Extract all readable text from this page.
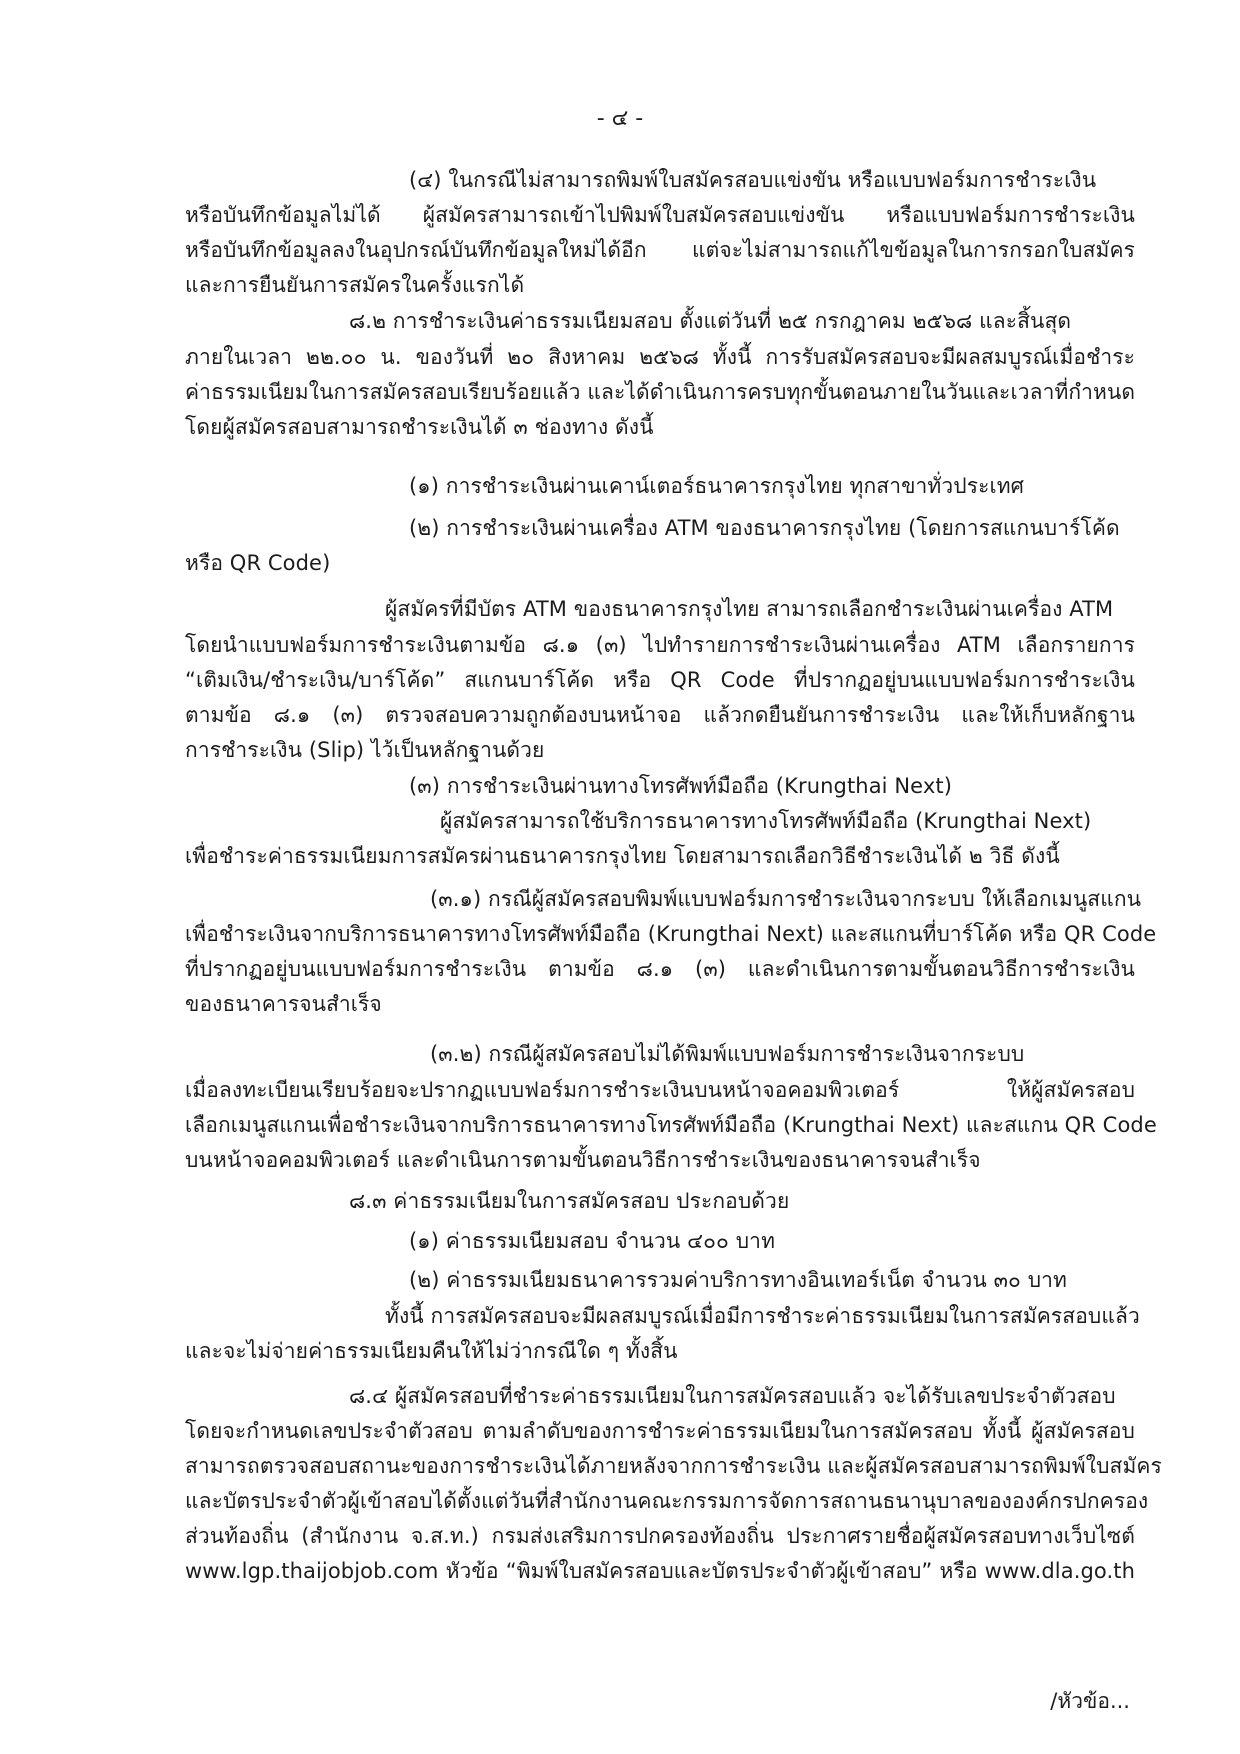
- ๔ -
(๔) ในกรณีไม่สามารถพิมพ์ใบสมัครสอบแข่งขัน หรือแบบฟอร์มการชำระเงิน
หรือบันทึกข้อมูลไม่ได้ ผู้สมัครสามารถเข้าไปพิมพ์ใบสมัครสอบแข่งขัน หรือแบบฟอร์มการชำระเงิน
หรือบันทึกข้อมูลลงในอุปกรณ์บันทึกข้อมูลใหม่ได้อีก แต่จะไม่สามารถแก้ไขข้อมูลในการกรอกใบสมัคร
และการยืนยันการสมัครในครั้งแรกได้
๘.๒ การชำระเงินค่าธรรมเนียมสอบ ตั้งแต่วันที่ ๒๕ กรกฎาคม ๒๕๖๘ และสิ้นสุด
ภายในเวลา ๒๒.๐๐ น. ของวันที่ ๒๐ สิงหาคม ๒๕๖๘ ทั้งนี้ การรับสมัครสอบจะมีผลสมบูรณ์เมื่อชำระ
ค่าธรรมเนียมในการสมัครสอบเรียบร้อยแล้ว และได้ดำเนินการครบทุกขั้นตอนภายในวันและเวลาที่กำหนด
โดยผู้สมัครสอบสามารถชำระเงินได้ ๓ ช่องทาง ดังนี้
(๑) การชำระเงินผ่านเคาน์เตอร์ธนาคารกรุงไทย ทุกสาขาทั่วประเทศ
(๒) การชำระเงินผ่านเครื่อง ATM ของธนาคารกรุงไทย (โดยการสแกนบาร์โค้ด
หรือ QR Code)
ผู้สมัครที่มีบัตร ATM ของธนาคารกรุงไทย สามารถเลือกชำระเงินผ่านเครื่อง ATM
โดยนำแบบฟอร์มการชำระเงินตามข้อ ๘.๑ (๓) ไปทำรายการชำระเงินผ่านเครื่อง ATM เลือกรายการ
“เติมเงิน/ชำระเงิน/บาร์โค้ด” สแกนบาร์โค้ด หรือ QR Code ที่ปรากฏอยู่บนแบบฟอร์มการชำระเงิน
ตามข้อ ๘.๑ (๓) ตรวจสอบความถูกต้องบนหน้าจอ แล้วกดยืนยันการชำระเงิน และให้เก็บหลักฐาน
การชำระเงิน (Slip) ไว้เป็นหลักฐานด้วย
(๓) การชำระเงินผ่านทางโทรศัพท์มือถือ (Krungthai Next)
ผู้สมัครสามารถใช้บริการธนาคารทางโทรศัพท์มือถือ (Krungthai Next)
เพื่อชำระค่าธรรมเนียมการสมัครผ่านธนาคารกรุงไทย โดยสามารถเลือกวิธีชำระเงินได้ ๒ วิธี ดังนี้
(๓.๑) กรณีผู้สมัครสอบพิมพ์แบบฟอร์มการชำระเงินจากระบบ ให้เลือกเมนูสแกน
เพื่อชำระเงินจากบริการธนาคารทางโทรศัพท์มือถือ (Krungthai Next) และสแกนที่บาร์โค้ด หรือ QR Code
ที่ปรากฏอยู่บนแบบฟอร์มการชำระเงิน ตามข้อ ๘.๑ (๓) และดำเนินการตามขั้นตอนวิธีการชำระเงิน
ของธนาคารจนสำเร็จ
(๓.๒) กรณีผู้สมัครสอบไม่ได้พิมพ์แบบฟอร์มการชำระเงินจากระบบ
เมื่อลงทะเบียนเรียบร้อยจะปรากฏแบบฟอร์มการชำระเงินบนหน้าจอคอมพิวเตอร์ ให้ผู้สมัครสอบ
เลือกเมนูสแกนเพื่อชำระเงินจากบริการธนาคารทางโทรศัพท์มือถือ (Krungthai Next) และสแกน QR Code
บนหน้าจอคอมพิวเตอร์ และดำเนินการตามขั้นตอนวิธีการชำระเงินของธนาคารจนสำเร็จ
๘.๓ ค่าธรรมเนียมในการสมัครสอบ ประกอบด้วย
(๑) ค่าธรรมเนียมสอบ จำนวน ๔๐๐ บาท
(๒) ค่าธรรมเนียมธนาคารรวมค่าบริการทางอินเทอร์เน็ต จำนวน ๓๐ บาท
ทั้งนี้ การสมัครสอบจะมีผลสมบูรณ์เมื่อมีการชำระค่าธรรมเนียมในการสมัครสอบแล้ว
และจะไม่จ่ายค่าธรรมเนียมคืนให้ไม่ว่ากรณีใด ๆ ทั้งสิ้น
๘.๔ ผู้สมัครสอบที่ชำระค่าธรรมเนียมในการสมัครสอบแล้ว จะได้รับเลขประจำตัวสอบ
โดยจะกำหนดเลขประจำตัวสอบ ตามลำดับของการชำระค่าธรรมเนียมในการสมัครสอบ ทั้งนี้ ผู้สมัครสอบ
สามารถตรวจสอบสถานะของการชำระเงินได้ภายหลังจากการชำระเงิน และผู้สมัครสอบสามารถพิมพ์ใบสมัคร
และบัตรประจำตัวผู้เข้าสอบได้ตั้งแต่วันที่สำนักงานคณะกรรมการจัดการสถานธนานุบาลขององค์กรปกครอง
ส่วนท้องถิ่น (สำนักงาน จ.ส.ท.) กรมส่งเสริมการปกครองท้องถิ่น ประกาศรายชื่อผู้สมัครสอบทางเว็บไซต์
www.lgp.thaijobjob.com หัวข้อ “พิมพ์ใบสมัครสอบและบัตรประจำตัวผู้เข้าสอบ” หรือ www.dla.go.th
/หัวข้อ...
